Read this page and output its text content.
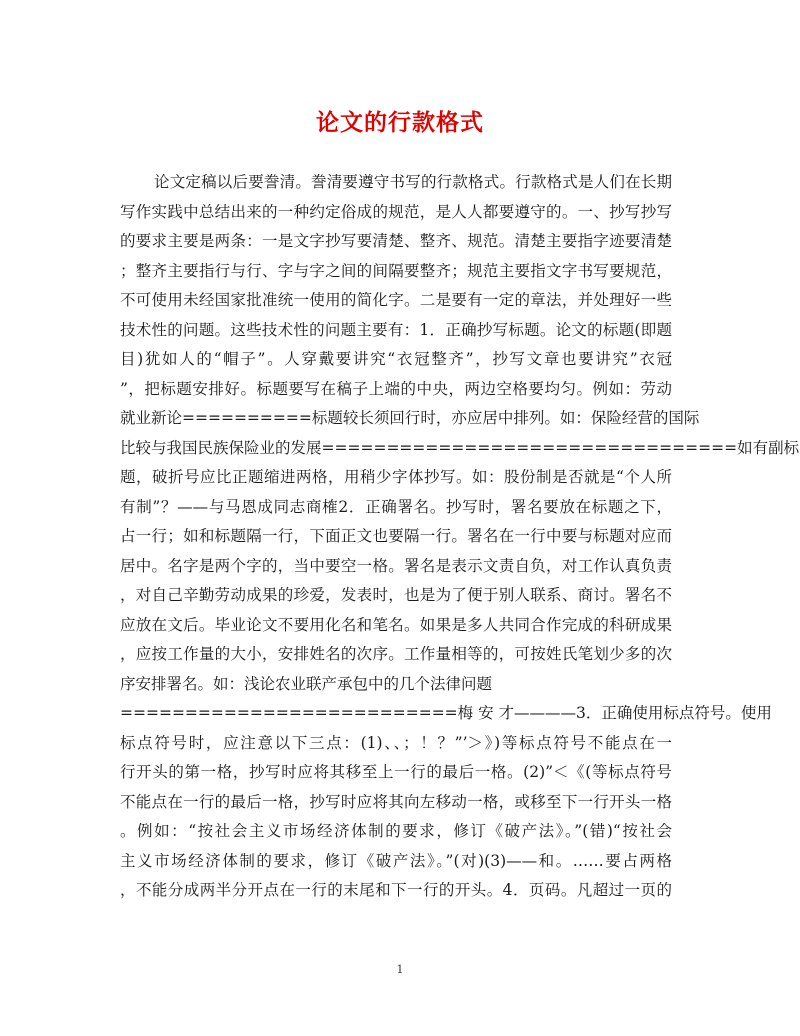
论文的行款格式
论文定稿以后要誊清。誊清要遵守书写的行款格式。行款格式是人们在长期
写作实践中总结出来的一种约定俗成的规范，是人人都要遵守的。一、抄写抄写
的要求主要是两条：一是文字抄写要清楚、整齐、规范。清楚主要指字迹要清楚
；整齐主要指行与行、字与字之间的间隔要整齐；规范主要指文字书写要规范，
不可使用未经国家批准统一使用的简化字。二是要有一定的章法，并处理好一些
技术性的问题。这些技术性的问题主要有：1．正确抄写标题。论文的标题(即题
目)犹如人的“帽子”。人穿戴要讲究“衣冠整齐”，抄写文章也要讲究”衣冠
”，把标题安排好。标题要写在稿子上端的中央，两边空格要均匀。例如：劳动
就业新论==========标题较长须回行时，亦应居中排列。如：保险经营的国际
比较与我国民族保险业的发展================================如有副标
题，破折号应比正题缩进两格，用稍少字体抄写。如：股份制是否就是“个人所
有制”？——与马恩成同志商榷2．正确署名。抄写时，署名要放在标题之下，
占一行；如和标题隔一行，下面正文也要隔一行。署名在一行中要与标题对应而
居中。名字是两个字的，当中要空一格。署名是表示文责自负，对工作认真负责
，对自己辛勤劳动成果的珍爱，发表时，也是为了便于别人联系、商讨。署名不
应放在文后。毕业论文不要用化名和笔名。如果是多人共同合作完成的科研成果
，应按工作量的大小，安排姓名的次序。工作量相等的，可按姓氏笔划少多的次
序安排署名。如：浅论农业联产承包中的几个法律问题
==========================梅 安 才————3．正确使用标点符号。使用
标点符号时，应注意以下三点：(1)、、；！？”’＞》)等标点符号不能点在一
行开头的第一格，抄写时应将其移至上一行的最后一格。(2)”＜《(等标点符号
不能点在一行的最后一格，抄写时应将其向左移动一格，或移至下一行开头一格
。例如：“按社会主义市场经济体制的要求，修订《破产法》。”(错)“按社会
主义市场经济体制的要求，修订《破产法》。”(对)(3)——和。……要占两格
，不能分成两半分开点在一行的末尾和下一行的开头。4．页码。凡超过一页的
1
